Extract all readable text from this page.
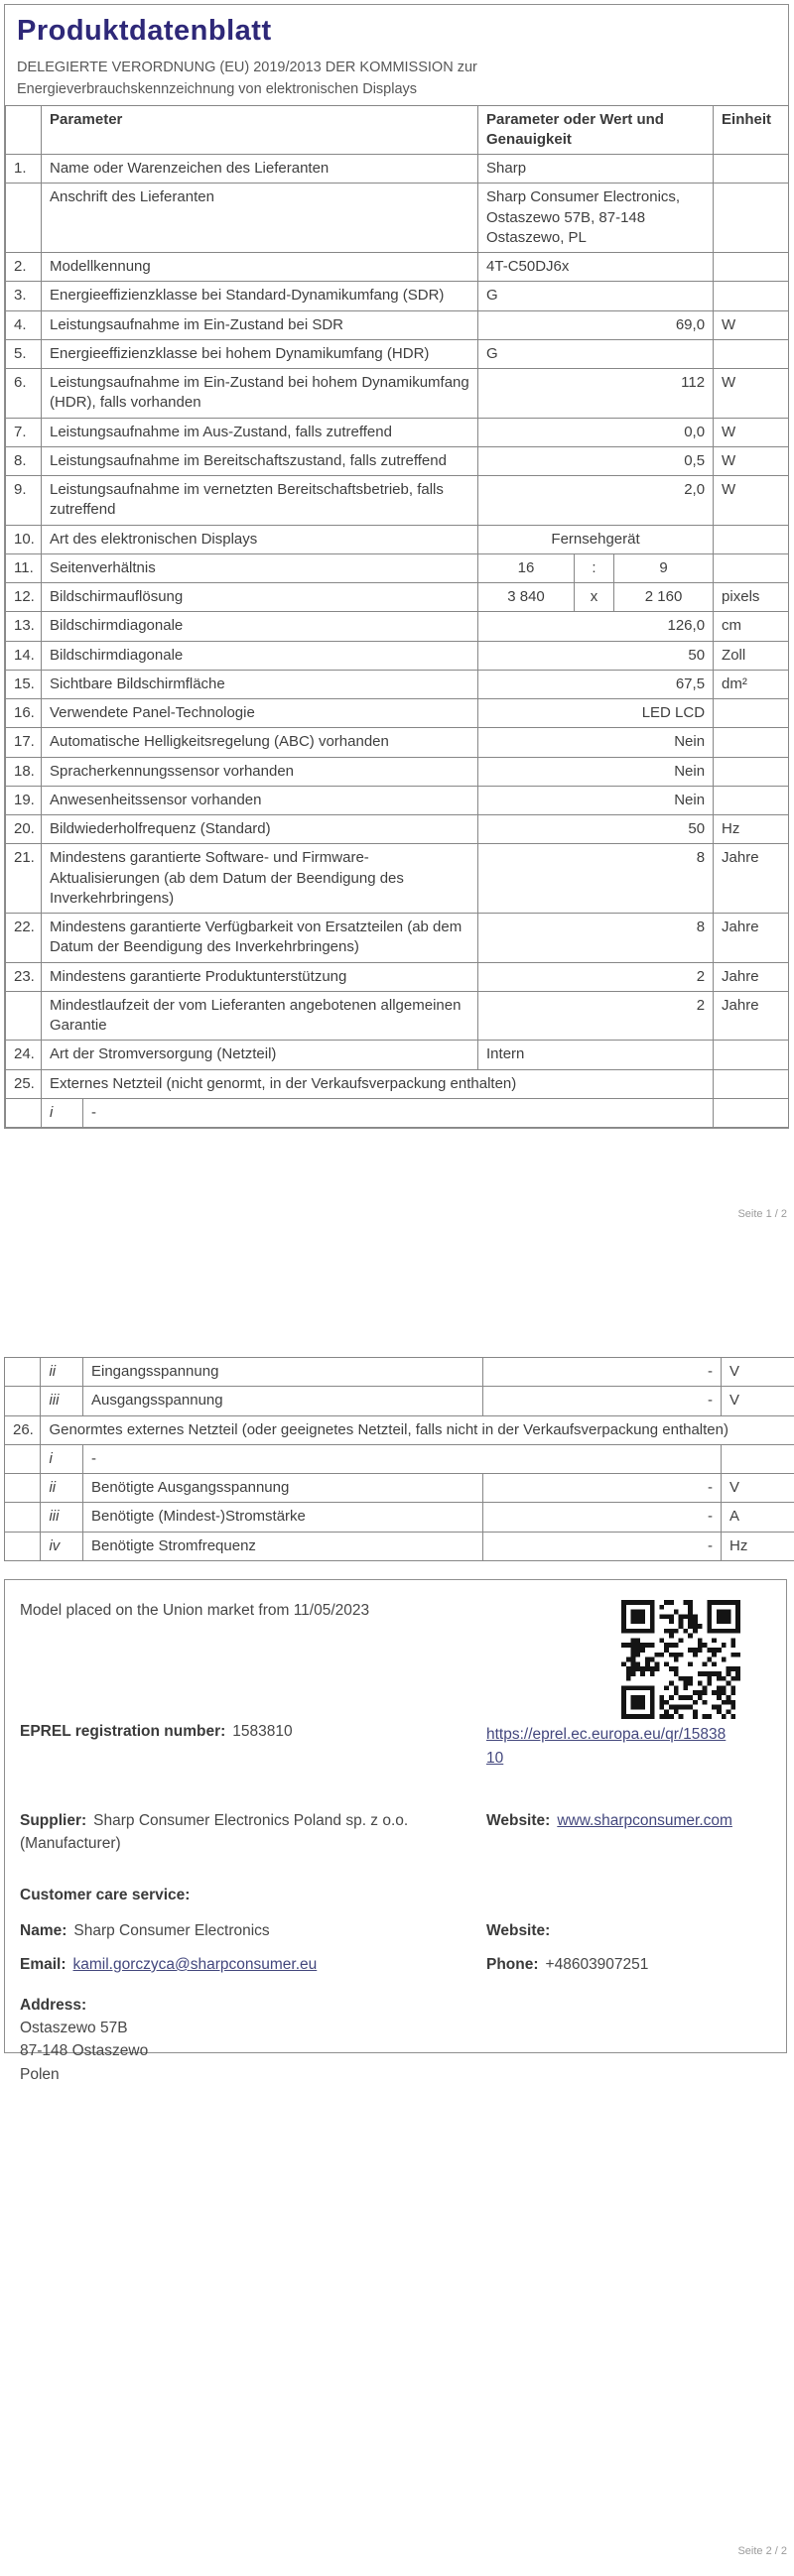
Produktdatenblatt
DELEGIERTE VERORDNUNG (EU) 2019/2013 DER KOMMISSION zur
Energieverbrauchskennzeichnung von elektronischen Displays
	Parameter		Parameter oder Wert und Genauigkeit			Einheit
1.	Name oder Warenzeichen des Lieferanten		Sharp			
	Anschrift des Lieferanten		Sharp Consumer Electronics, Ostaszewo 57B, 87-148 Ostaszewo, PL			
2.	Modellkennung		4T-C50DJ6x			
3.	Energieeffizienzklasse bei Standard-Dynamikumfang (SDR)		G			
4.	Leistungsaufnahme im Ein-Zustand bei SDR		69,0			W
5.	Energieeffizienzklasse bei hohem Dynamikumfang (HDR)		G			
6.	Leistungsaufnahme im Ein-Zustand bei hohem Dynamikumfang (HDR), falls vorhanden		112			W
7.	Leistungsaufnahme im Aus-Zustand, falls zutreffend		0,0			W
8.	Leistungsaufnahme im Bereitschaftszustand, falls zutreffend		0,5			W
9.	Leistungsaufnahme im vernetzten Bereitschaftsbetrieb, falls zutreffend		2,0			W
10.	Art des elektronischen Displays		Fernsehgerät			
11.	Seitenverhältnis		16	:	9	
12.	Bildschirmauflösung		3 840	x	2 160	pixels
13.	Bildschirmdiagonale		126,0			cm
14.	Bildschirmdiagonale		50			Zoll
15.	Sichtbare Bildschirmfläche		67,5			dm²
16.	Verwendete Panel-Technologie		LED LCD			
17.	Automatische Helligkeitsregelung (ABC) vorhanden		Nein			
18.	Spracherkennungssensor vorhanden		Nein			
19.	Anwesenheitssensor vorhanden		Nein			
20.	Bildwiederholfrequenz (Standard)		50			Hz
21.	Mindestens garantierte Software- und Firmware-Aktualisierungen (ab dem Datum der Beendigung des Inverkehrbringens)		8			Jahre
22.	Mindestens garantierte Verfügbarkeit von Ersatzteilen (ab dem Datum der Beendigung des Inverkehrbringens)		8			Jahre
23.	Mindestens garantierte Produktunterstützung		2			Jahre
	Mindestlaufzeit der vom Lieferanten angebotenen allgemeinen Garantie		2			Jahre
24.	Art der Stromversorgung (Netzteil)		Intern			
25.	Externes Netzteil (nicht genormt, in der Verkaufsverpackung enthalten)					
	i	-				
Seite 1 / 2
	ii	Eingangsspannung	-	V
	iii	Ausgangsspannung	-	V
26.	Genormtes externes Netzteil (oder geeignetes Netzteil, falls nicht in der Verkaufsverpackung enthalten)			
	i	-		
	ii	Benötigte Ausgangsspannung	-	V
	iii	Benötigte (Mindest-)Stromstärke	-	A
	iv	Benötigte Stromfrequenz	-	Hz
Model placed on the Union market from 11/05/2023
EPREL registration number: 1583810	https://eprel.ec.europa.eu/qr/1583810
Supplier: Sharp Consumer Electronics Poland sp. z o.o. (Manufacturer)
Website: www.sharpconsumer.com
Customer care service:
Name: Sharp Consumer Electronics	Website:
Email: kamil.gorczyca@sharpconsumer.eu	Phone: +48603907251
Address:
Ostaszewo 57B
87-148 Ostaszewo
Polen
Seite 2 / 2
